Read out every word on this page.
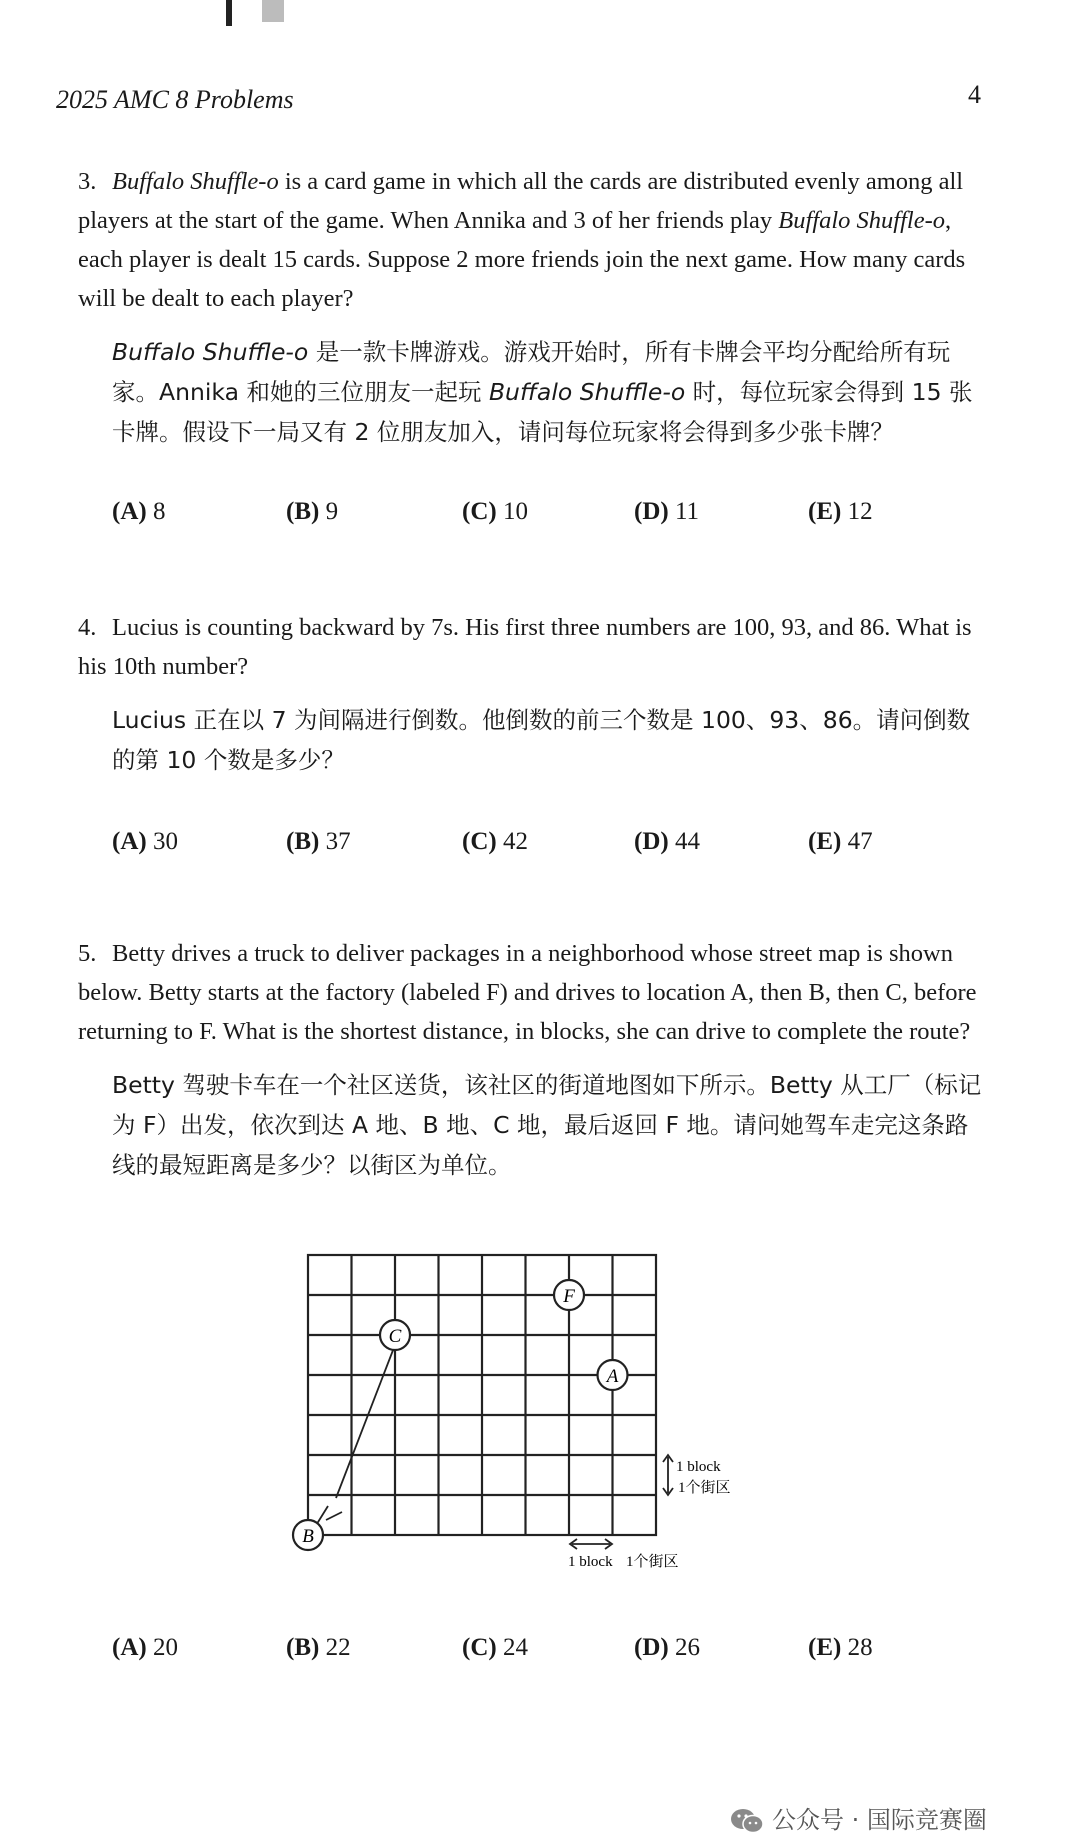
2025 AMC 8 Problems	4

3. Buffalo Shuffle-o is a card game in which all the cards are distributed evenly among all players at the start of the game. When Annika and 3 of her friends play Buffalo Shuffle-o, each player is dealt 15 cards. Suppose 2 more friends join the next game. How many cards will be dealt to each player?

Buffalo Shuffle-o 是一款卡牌游戏。游戏开始时，所有卡牌会平均分配给所有玩家。Annika 和她的三位朋友一起玩 Buffalo Shuffle-o 时，每位玩家会得到 15 张卡牌。假设下一局又有 2 位朋友加入，请问每位玩家将会得到多少张卡牌？

(A) 8	(B) 9	(C) 10	(D) 11	(E) 12

4. Lucius is counting backward by 7s. His first three numbers are 100, 93, and 86. What is his 10th number?

Lucius 正在以 7 为间隔进行倒数。他倒数的前三个数是 100、93、86。请问倒数的第 10 个数是多少？

(A) 30	(B) 37	(C) 42	(D) 44	(E) 47

5. Betty drives a truck to deliver packages in a neighborhood whose street map is shown below. Betty starts at the factory (labeled F) and drives to location A, then B, then C, before returning to F. What is the shortest distance, in blocks, she can drive to complete the route?

Betty 驾驶卡车在一个社区送货，该社区的街道地图如下所示。Betty 从工厂（标记为 F）出发，依次到达 A 地、B 地、C 地，最后返回 F 地。请问她驾车走完这条路线的最短距离是多少？以街区为单位。

F
C
A
B
1 block
1个街区
1 block 1个街区
(A) 20	(B) 22	(C) 24	(D) 26	(E) 28
公众号 · 国际竞赛圈
